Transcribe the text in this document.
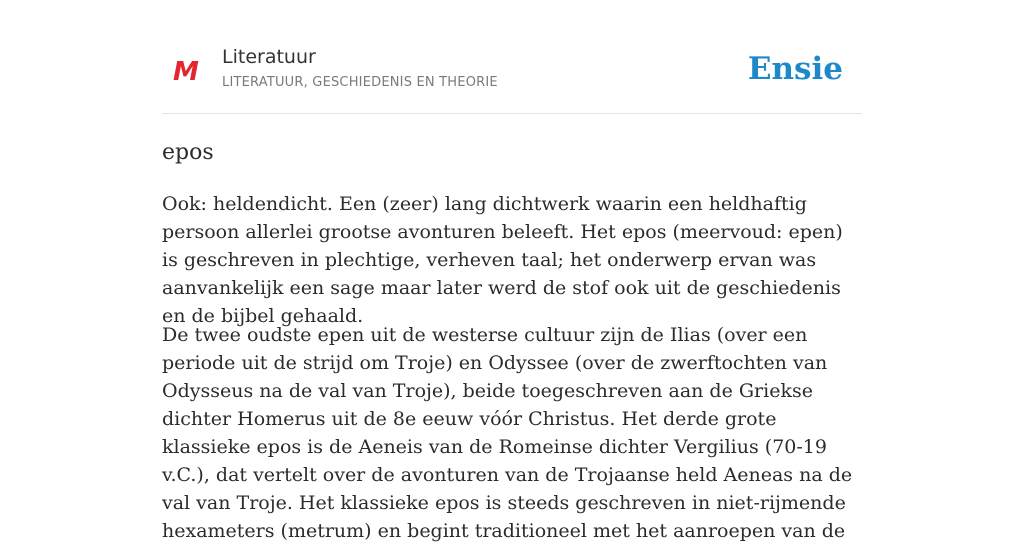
M Literatuur
LITERATUUR, GESCHIEDENIS EN THEORIE	Ensie
epos

Ook: heldendicht. Een (zeer) lang dichtwerk waarin een heldhaftig persoon allerlei grootse avonturen beleeft. Het epos (meervoud: epen) is geschreven in plechtige, verheven taal; het onderwerp ervan was aanvankelijk een sage maar later werd de stof ook uit de geschiedenis en de bijbel gehaald.

De twee oudste epen uit de westerse cultuur zijn de Ilias (over een periode uit de strijd om Troje) en Odyssee (over de zwerftochten van Odysseus na de val van Troje), beide toegeschreven aan de Griekse dichter Homerus uit de 8e eeuw vóór Christus. Het derde grote klassieke epos is de Aeneis van de Romeinse dichter Vergilius (70-19 v.C.), dat vertelt over de avonturen van de Trojaanse held Aeneas na de val van Troje. Het klassieke epos is steeds geschreven in niet-rijmende hexameters (metrum) en begint traditioneel met het aanroepen van de
